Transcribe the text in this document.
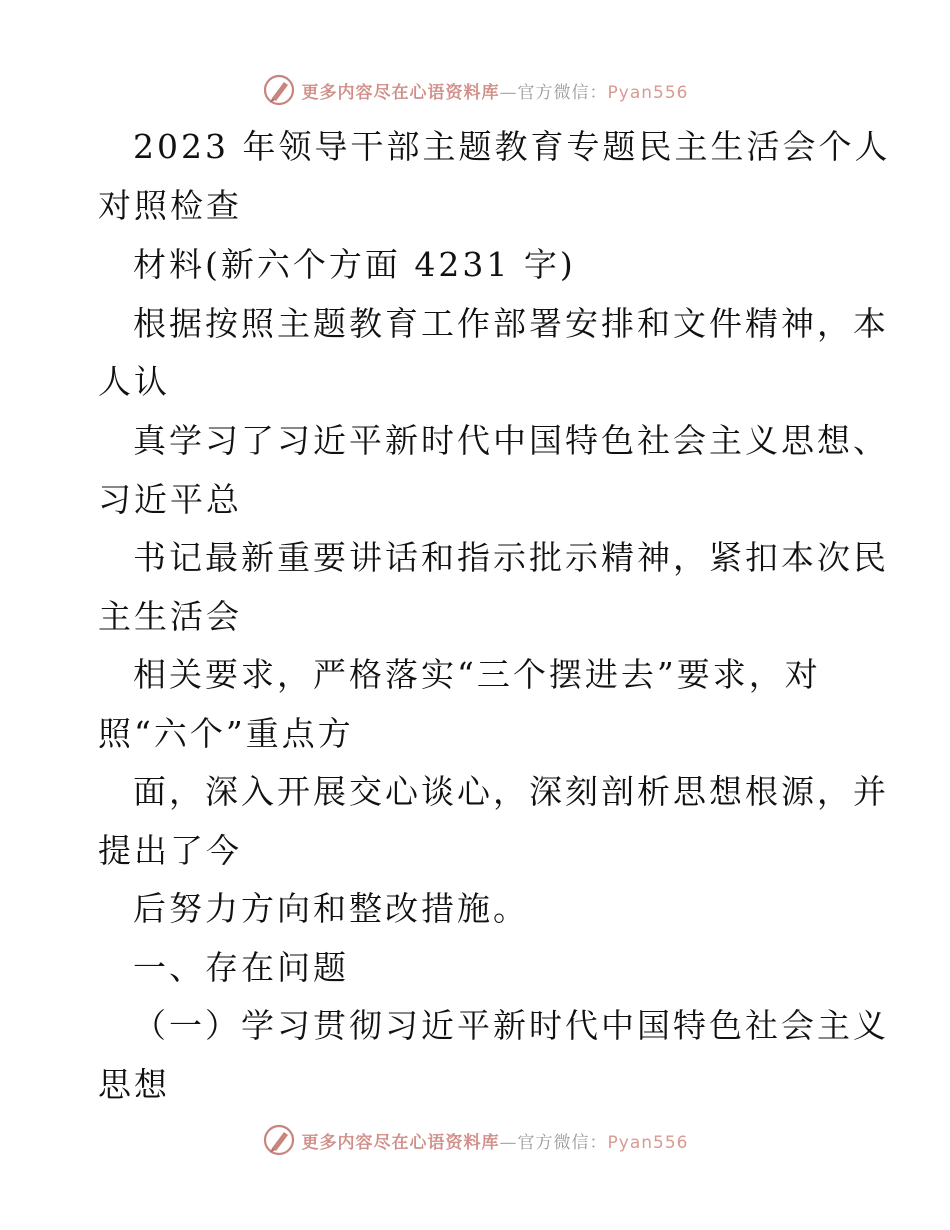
更多内容尽在心语资料库—官方微信：Pyan556
2023 年领导干部主题教育专题民主生活会个人
对照检查
材料(新六个方面 4231 字)
根据按照主题教育工作部署安排和文件精神，本
人认
真学习了习近平新时代中国特色社会主义思想、
习近平总
书记最新重要讲话和指示批示精神，紧扣本次民
主生活会
相关要求，严格落实“三个摆进去”要求，对
照“六个”重点方
面，深入开展交心谈心，深刻剖析思想根源，并
提出了今
后努力方向和整改措施。
一、存在问题
（一）学习贯彻习近平新时代中国特色社会主义
思想
更多内容尽在心语资料库—官方微信：Pyan556
